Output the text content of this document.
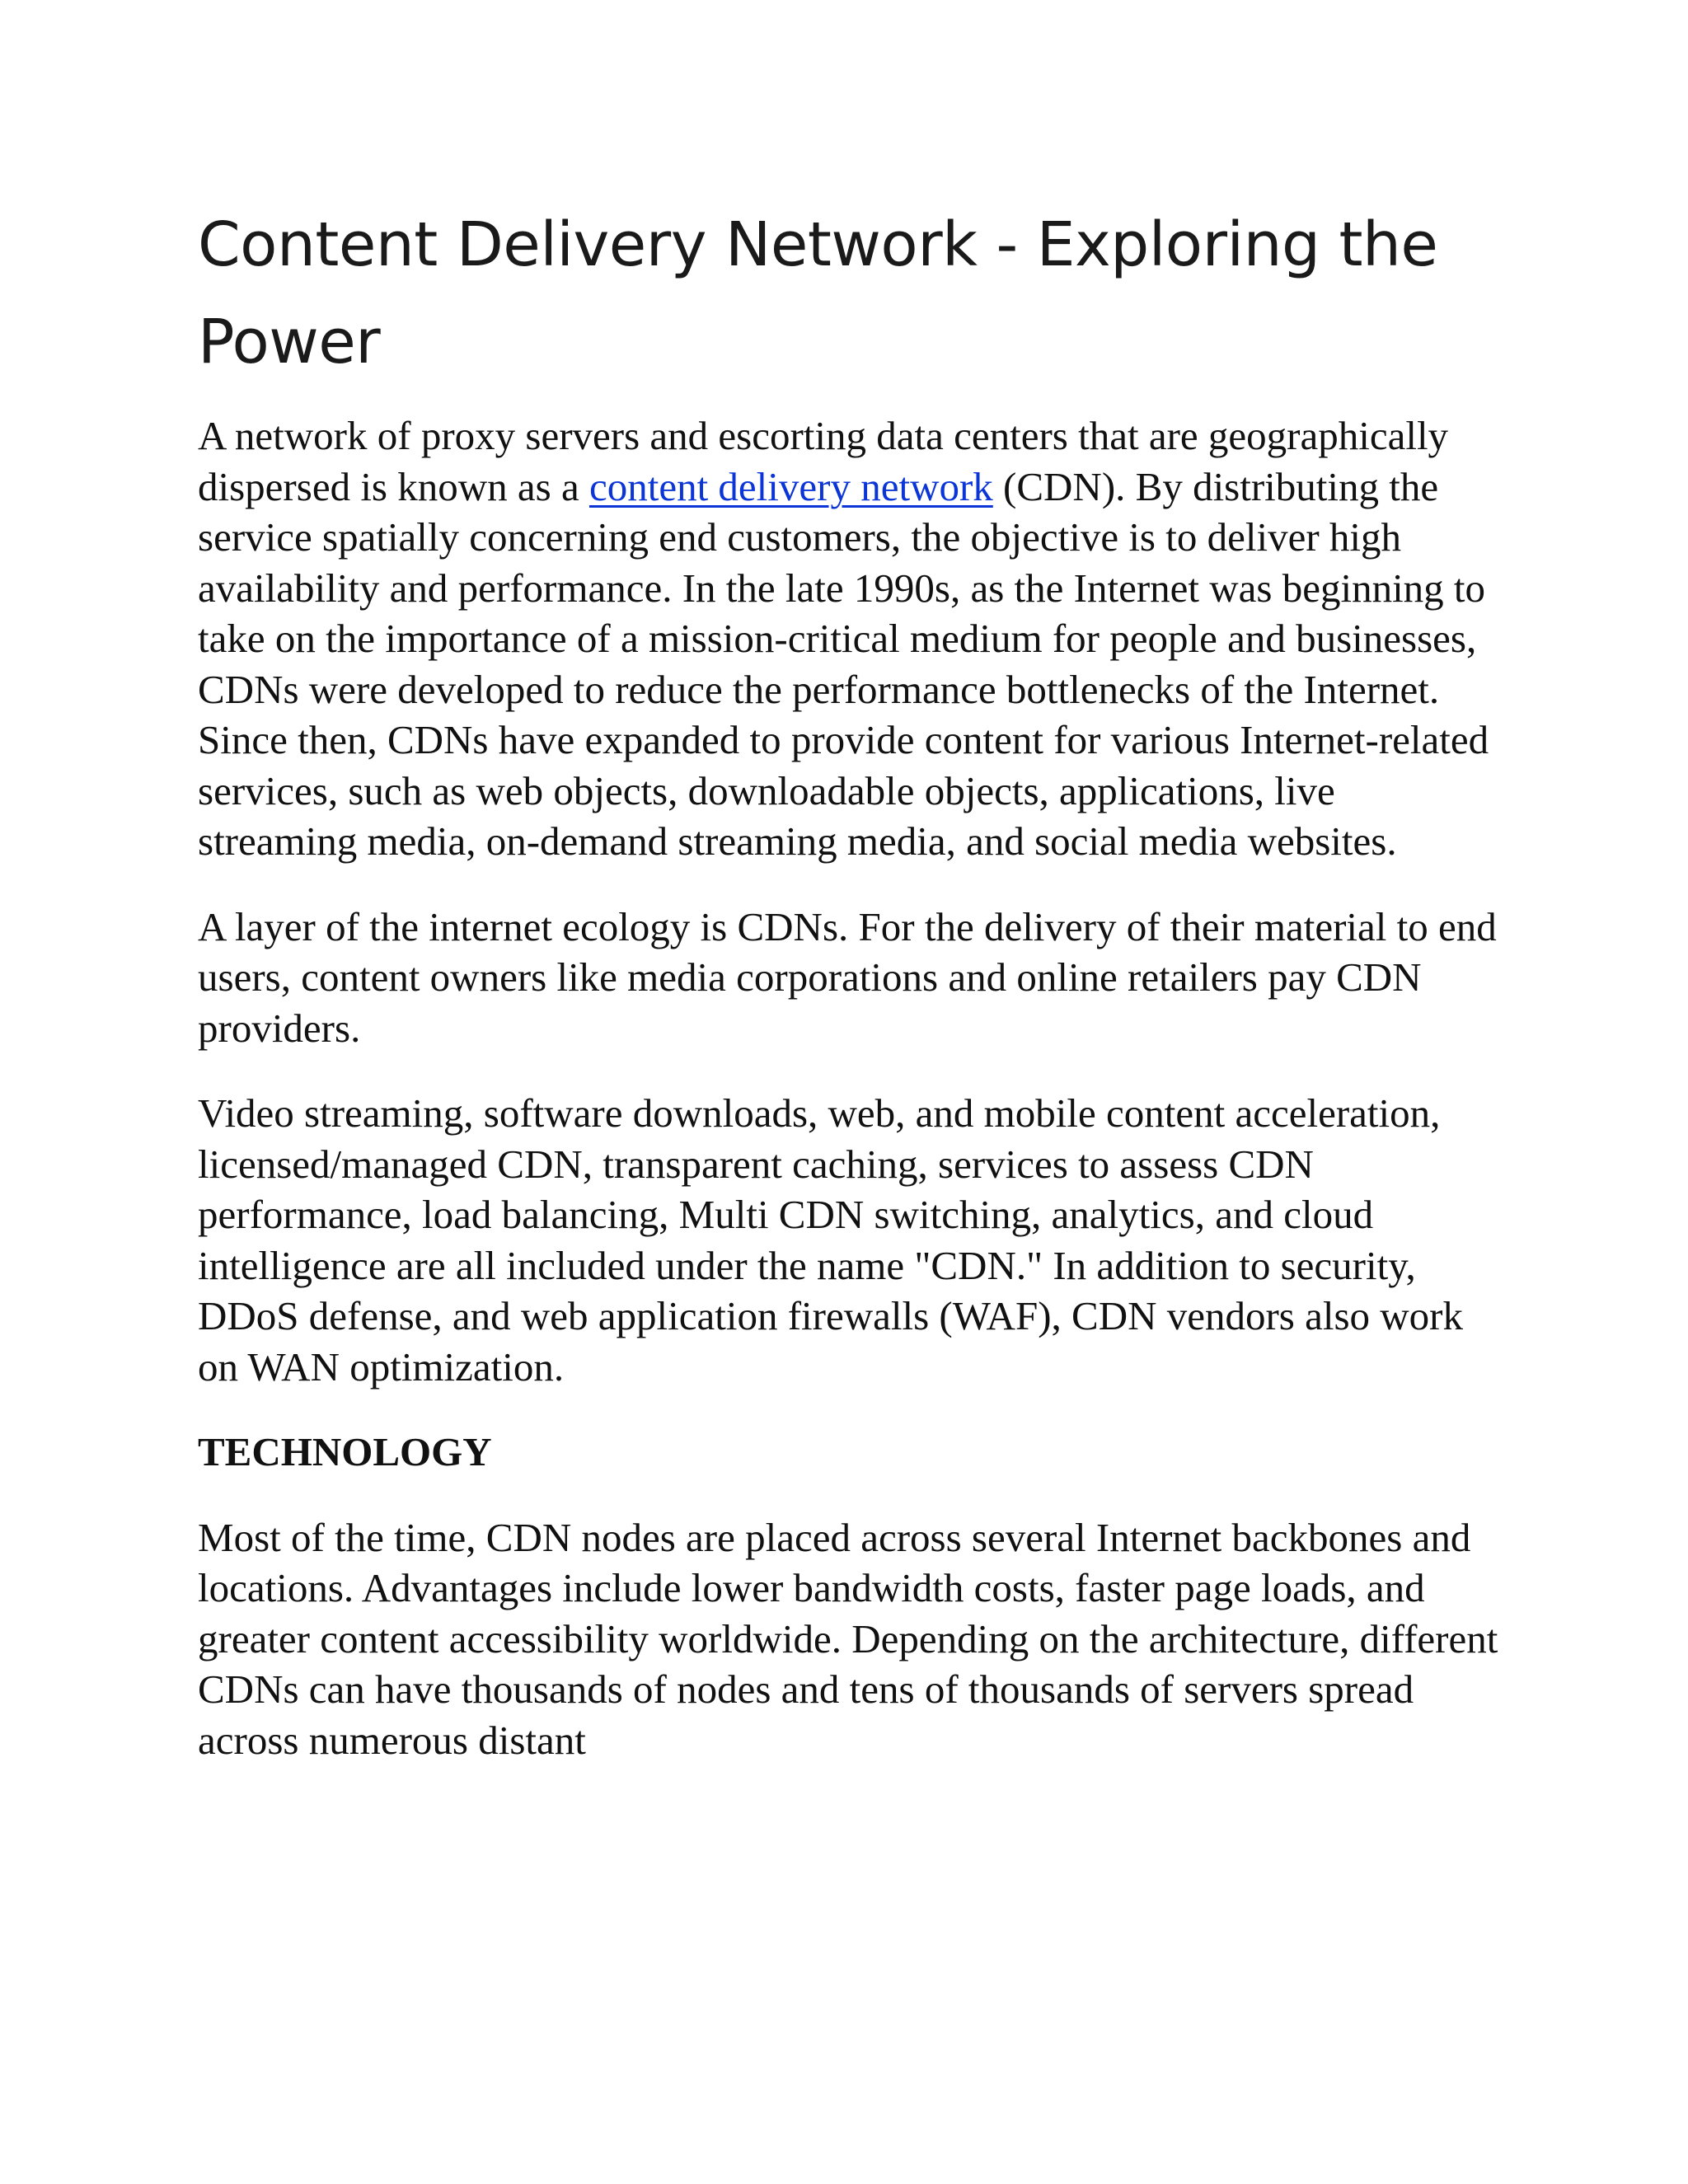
Content Delivery Network - Exploring the
Power

A network of proxy servers and escorting data centers that are geographically dispersed is known as a content delivery network (CDN). By distributing the service spatially concerning end customers, the objective is to deliver high availability and performance. In the late 1990s, as the Internet was beginning to take on the importance of a mission-critical medium for people and businesses, CDNs were developed to reduce the performance bottlenecks of the Internet. Since then, CDNs have expanded to provide content for various Internet-related services, such as web objects, downloadable objects, applications, live streaming media, on-demand streaming media, and social media websites.

A layer of the internet ecology is CDNs. For the delivery of their material to end users, content owners like media corporations and online retailers pay CDN providers.

Video streaming, software downloads, web, and mobile content acceleration, licensed/managed CDN, transparent caching, services to assess CDN performance, load balancing, Multi CDN switching, analytics, and cloud intelligence are all included under the name "CDN." In addition to security, DDoS defense, and web application firewalls (WAF), CDN vendors also work on WAN optimization.

TECHNOLOGY

Most of the time, CDN nodes are placed across several Internet backbones and locations. Advantages include lower bandwidth costs, faster page loads, and greater content accessibility worldwide. Depending on the architecture, different CDNs can have thousands of nodes and tens of thousands of servers spread across numerous distant
